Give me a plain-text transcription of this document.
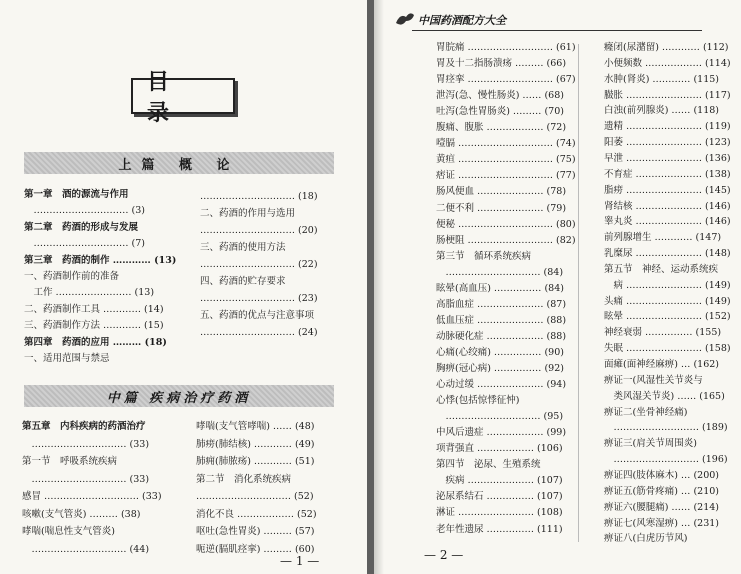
目 录
上篇 概 论
第一章　酒的源流与作用
　………………………… (3)
第二章　药酒的形成与发展
　………………………… (7)
第三章　药酒的制作 ………… (13)
一、药酒制作前的准备
　工作 …………………… (13)
二、药酒制作工具 ………… (14)
三、药酒制作方法 ………… (15)
第四章　药酒的应用 ……… (18)
一、适用范围与禁忌
………………………… (18)
二、药酒的作用与选用
………………………… (20)
三、药酒的使用方法
………………………… (22)
四、药酒的贮存要求
………………………… (23)
五、药酒的优点与注意事项
………………………… (24)
中篇 疾病治疗药酒
第五章　内科疾病的药酒治疗
　………………………… (33)
第一节　呼吸系统疾病
　………………………… (33)
感冒 ………………………… (33)
咳嗽(支气管炎) ……… (38)
哮喘(喘息性支气管炎)
　………………………… (44)
哮喘(支气管哮喘) …… (48)
肺痨(肺结核) ………… (49)
肺痈(肺脓疡) ………… (51)
第二节　消化系统疾病
………………………… (52)
消化不良 ……………… (52)
呕吐(急性胃炎) ……… (57)
呃逆(膈肌痉挛) ……… (60)
— 1 —
中国药酒配方大全
胃脘痛 ……………………… (61)
胃及十二指肠溃疡 ……… (66)
胃痉挛 ……………………… (67)
泄泻(急、慢性肠炎) …… (68)
吐泻(急性胃肠炎) ……… (70)
腹痛、腹胀 ……………… (72)
噎膈 ………………………… (74)
黄疸 ………………………… (75)
痞证 ………………………… (77)
肠风便血 ………………… (78)
二便不利 ………………… (79)
便秘 ………………………… (80)
肠梗阻 ……………………… (82)
第三节　循环系统疾病
　………………………… (84)
眩晕(高血压) …………… (84)
高脂血症 ………………… (87)
低血压症 ………………… (88)
动脉硬化症 ……………… (88)
心痛(心绞痛) …………… (90)
胸痹(冠心病) …………… (92)
心动过缓 ………………… (94)
心悸(包括惊悸征忡)
　………………………… (95)
中风后遗症 ……………… (99)
项背强直 ……………… (106)
第四节　泌尿、生殖系统
　疾病 ………………… (107)
泌尿系结石 …………… (107)
淋证 …………………… (108)
老年性遗尿 …………… (111)
癃闭(尿潴留) ………… (112)
小便频数 ……………… (114)
水肿(肾炎) ………… (115)
臌胀 …………………… (117)
白浊(前列腺炎) …… (118)
遗精 …………………… (119)
阳萎 …………………… (123)
早泄 …………………… (136)
不育症 ………………… (138)
脂痨 …………………… (145)
肾结核 ………………… (146)
睾丸炎 ………………… (146)
前列腺增生 ………… (147)
乳糜尿 ………………… (148)
第五节　神经、运动系统疾
　病 …………………… (149)
头痛 …………………… (149)
眩晕 …………………… (152)
神经衰弱 …………… (155)
失眠 …………………… (158)
面瘫(面神经麻痹) … (162)
痹证一(风湿性关节炎与
　类风湿关节炎) …… (165)
痹证二(坐骨神经痛)
　……………………… (189)
痹证三(肩关节周围炎)
　……………………… (196)
痹证四(肢体麻木) … (200)
痹证五(筋骨疼痛) … (210)
痹证六(腰腿痛) …… (214)
痹证七(风寒湿痹) … (231)
痹证八(白虎历节风)
— 2 —
